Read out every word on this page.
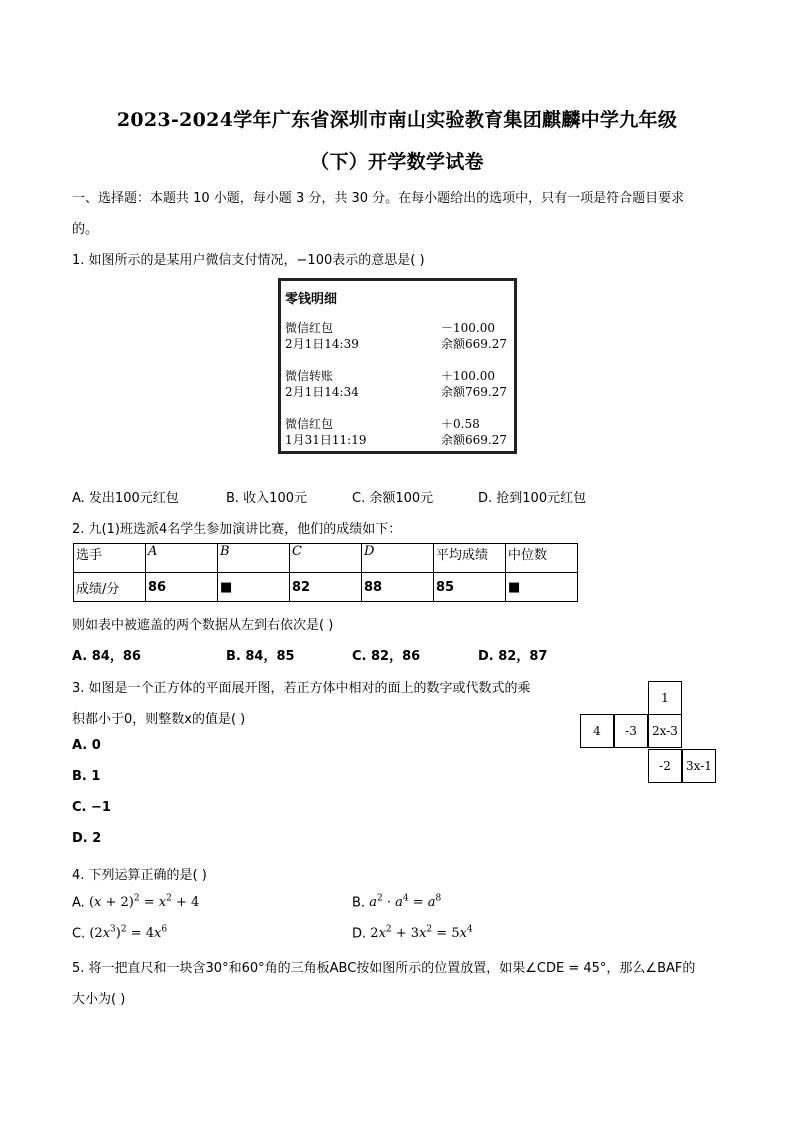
2023-2024学年广东省深圳市南山实验教育集团麒麟中学九年级
（下）开学数学试卷
一、选择题：本题共 10 小题，每小题 3 分，共 30 分。在每小题给出的选项中，只有一项是符合题目要求
的。
1. 如图所示的是某用户微信支付情况，−100表示的意思是( )
零钱明细
微信红包	－100.00
2月1日14:39	余额669.27
微信转账	＋100.00
2月1日14:34	余额769.27
微信红包	＋0.58
1月31日11:19	余额669.27
A. 发出100元红包	B. 收入100元	C. 余额100元	D. 抢到100元红包
2. 九(1)班选派4名学生参加演讲比赛，他们的成绩如下：
选手	A	B	C	D	平均成绩	中位数
成绩/分	86	■	82	88	85	■
则如表中被遮盖的两个数据从左到右依次是( )
A. 84，86	B. 84，85	C. 82，86	D. 82，87
3. 如图是一个正方体的平面展开图，若正方体中相对的面上的数字或代数式的乘
积都小于0，则整数x的值是( )
A. 0
B. 1
C. −1
D. 2
1
4	-3	2x-3
-2	3x-1
4. 下列运算正确的是( )
A. $(x + 2)^2 = x^2 + 4$	B. $a^2 \cdot a^4 = a^8$
C. $(2x^3)^2 = 4x^6$	D. $2x^2 + 3x^2 = 5x^4$
5. 将一把直尺和一块含30°和60°角的三角板ABC按如图所示的位置放置，如果∠CDE = 45°，那么∠BAF的
大小为( )
